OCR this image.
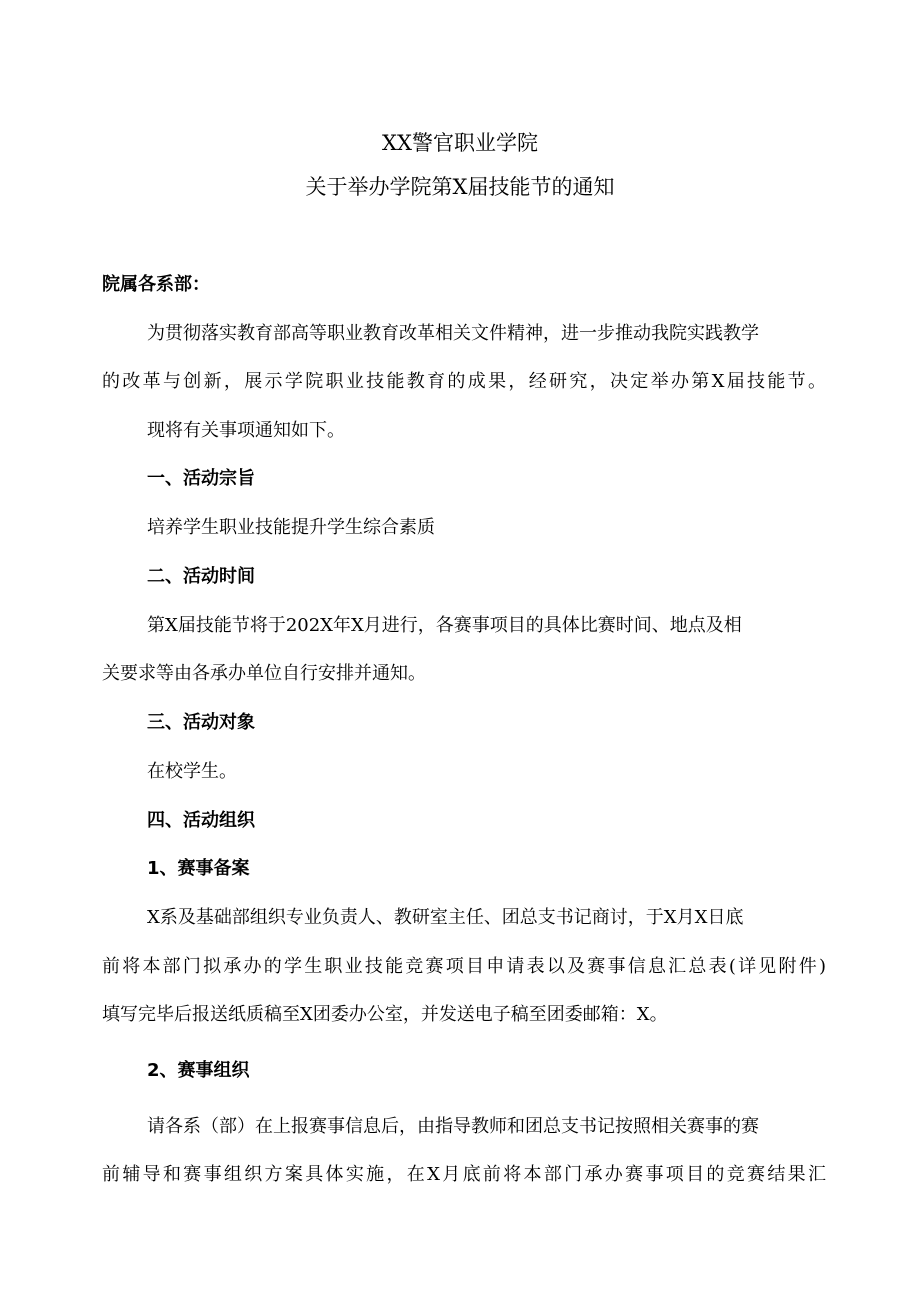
XX警官职业学院
关于举办学院第X届技能节的通知
院属各系部：
为贯彻落实教育部高等职业教育改革相关文件精神，进一步推动我院实践教学
的改革与创新，展示学院职业技能教育的成果，经研究，决定举办第X届技能节。
现将有关事项通知如下。
一、活动宗旨
培养学生职业技能提升学生综合素质
二、活动时间
第X届技能节将于202X年X月进行，各赛事项目的具体比赛时间、地点及相
关要求等由各承办单位自行安排并通知。
三、活动对象
在校学生。
四、活动组织
1、赛事备案
X系及基础部组织专业负责人、教研室主任、团总支书记商讨，于X月X日底
前将本部门拟承办的学生职业技能竞赛项目申请表以及赛事信息汇总表(详见附件)
填写完毕后报送纸质稿至X团委办公室，并发送电子稿至团委邮箱：X。
2、赛事组织
请各系（部）在上报赛事信息后，由指导教师和团总支书记按照相关赛事的赛
前辅导和赛事组织方案具体实施，在X月底前将本部门承办赛事项目的竞赛结果汇
